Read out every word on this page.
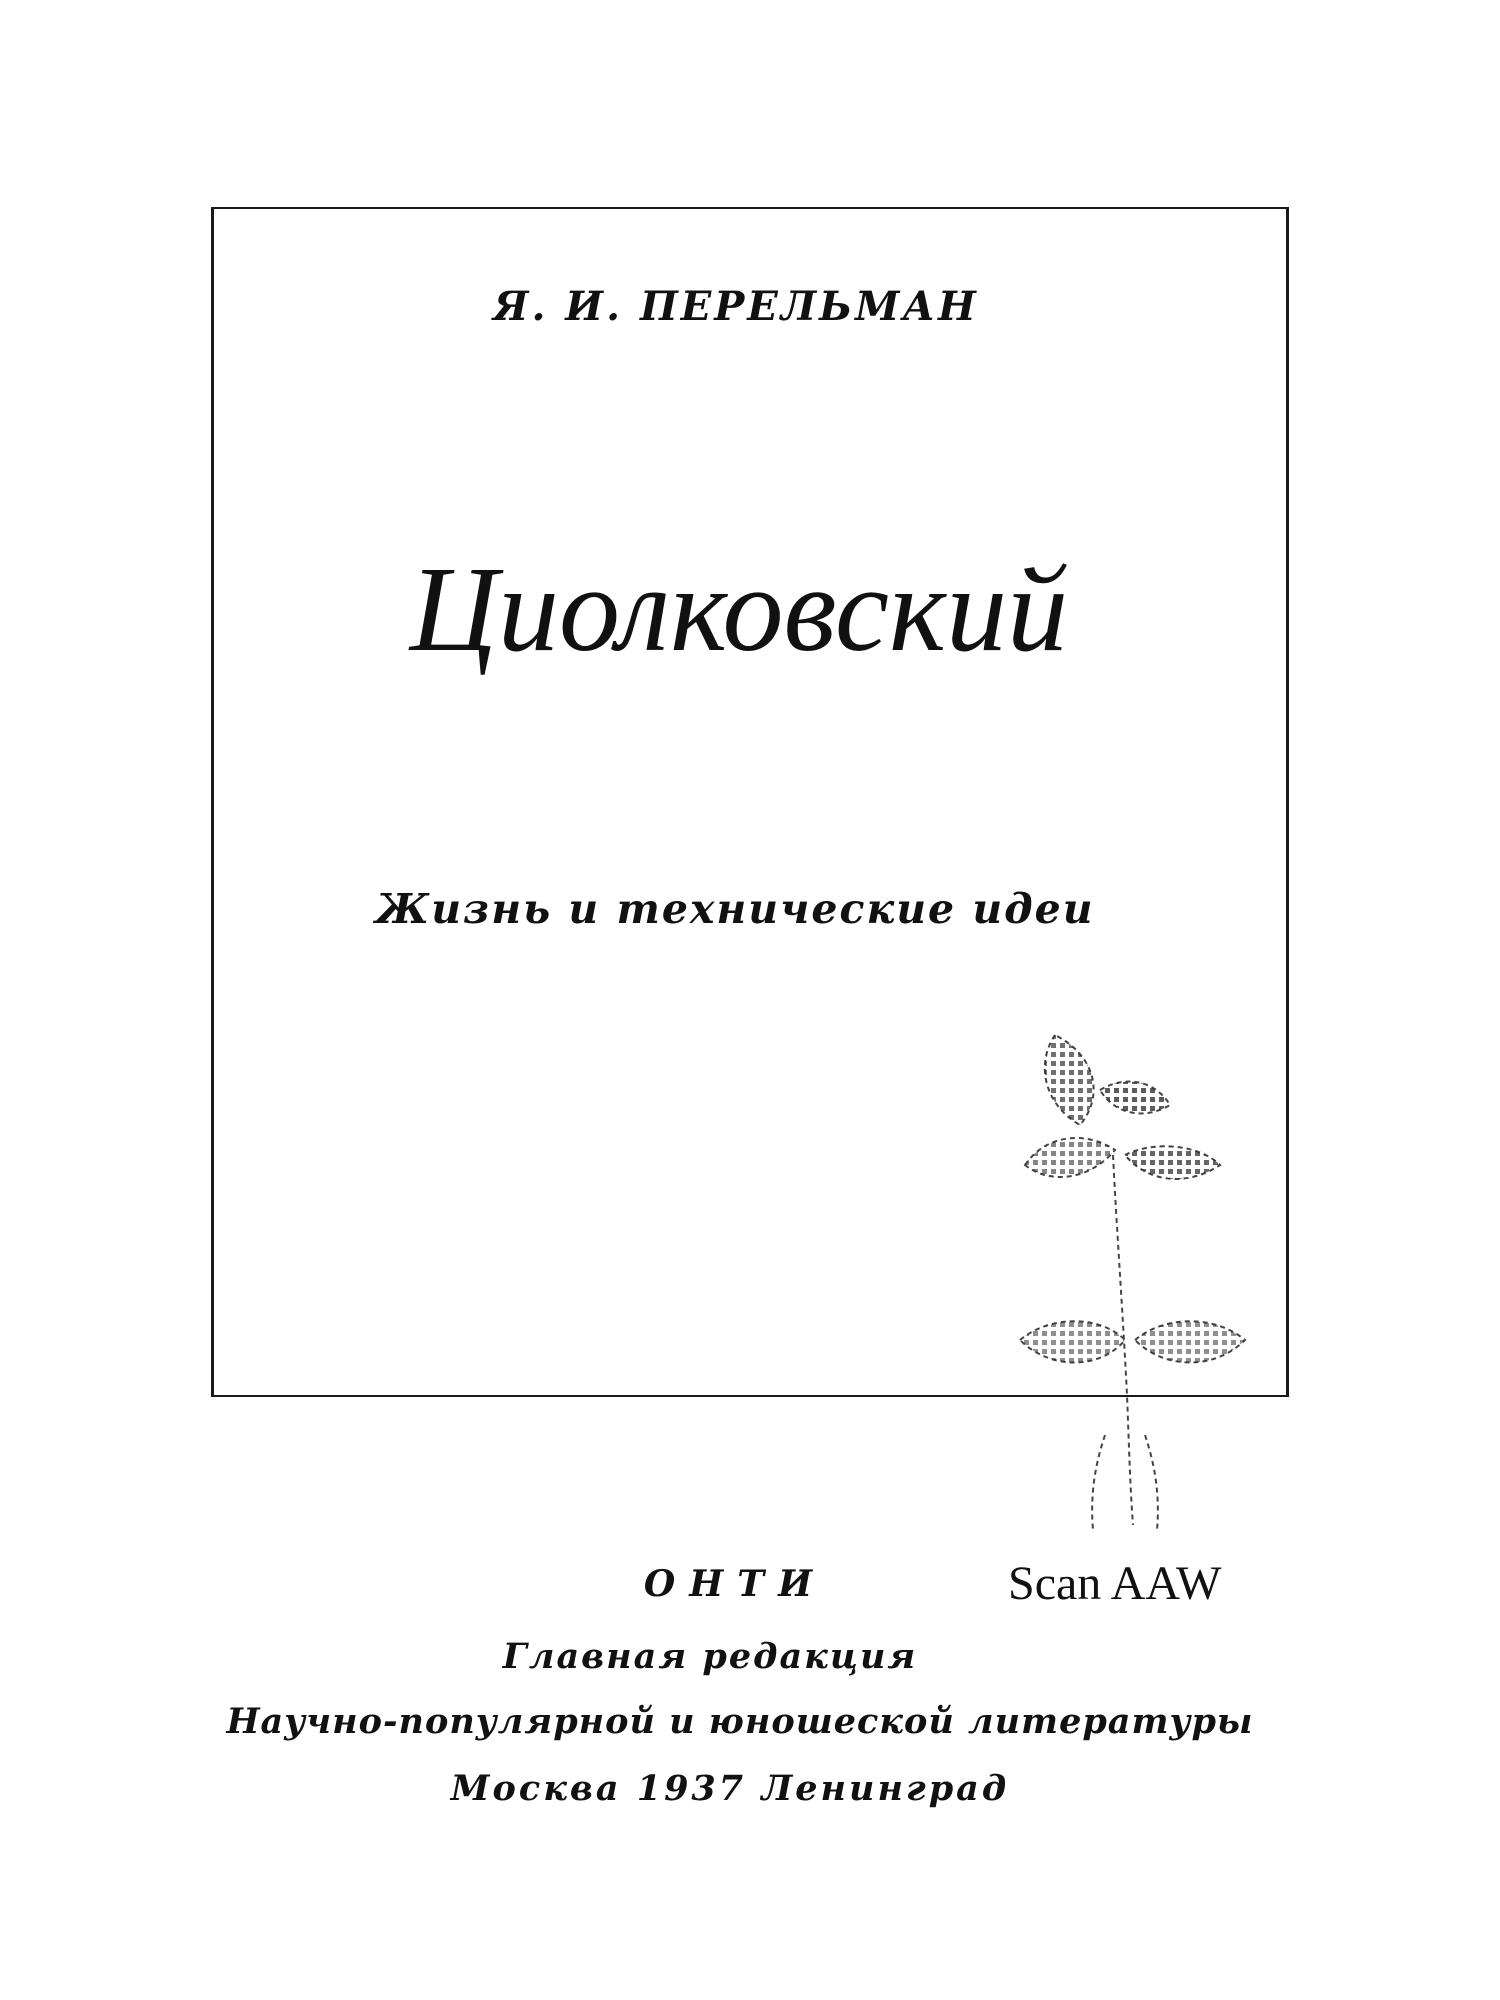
Я. И. ПЕРЕЛЬМАН
Циолковский
Жизнь и технические идеи
Scan AAW
ОНТИ
Главная редакция
Научно-популярной и юношеской литературы
Москва 1937 Ленинград
